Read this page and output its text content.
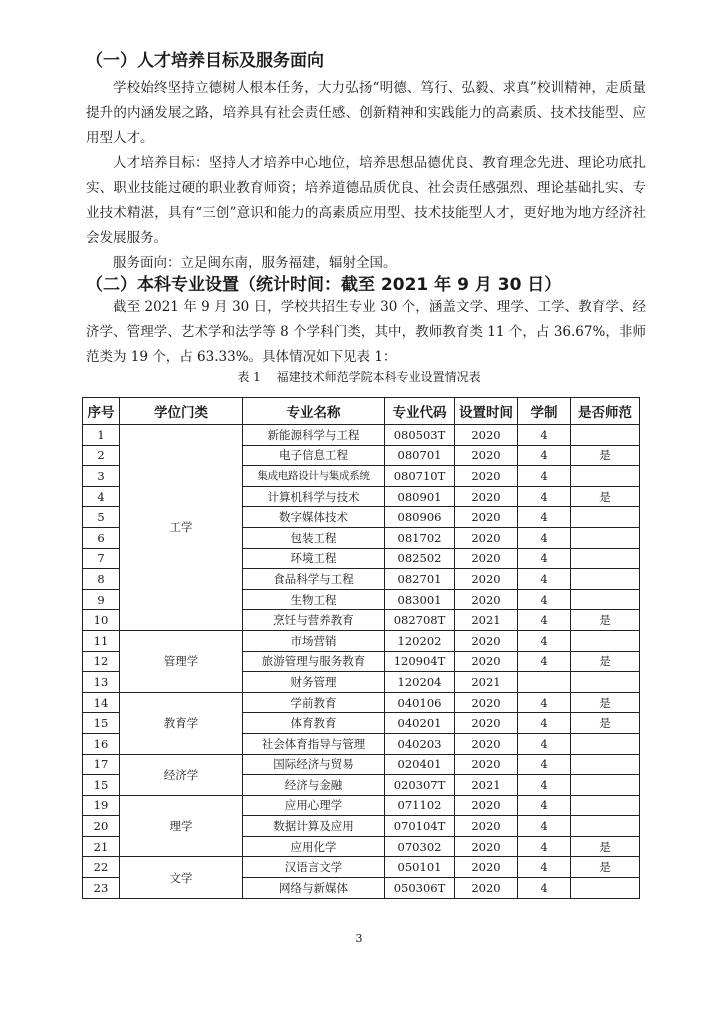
（一）人才培养目标及服务面向

学校始终坚持立德树人根本任务，大力弘扬“明德、笃行、弘毅、求真”校训精神，走质量提升的内涵发展之路，培养具有社会责任感、创新精神和实践能力的高素质、技术技能型、应用型人才。

人才培养目标：坚持人才培养中心地位，培养思想品德优良、教育理念先进、理论功底扎实、职业技能过硬的职业教育师资；培养道德品质优良、社会责任感强烈、理论基础扎实、专业技术精湛，具有“三创”意识和能力的高素质应用型、技术技能型人才，更好地为地方经济社会发展服务。

服务面向：立足闽东南，服务福建，辐射全国。

（二）本科专业设置（统计时间：截至 2021 年 9 月 30 日）

截至 2021 年 9 月 30 日，学校共招生专业 30 个，涵盖文学、理学、工学、教育学、经济学、管理学、艺术学和法学等 8 个学科门类，其中，教师教育类 11 个，占 36.67%，非师范类为 19 个，占 63.33%。具体情况如下见表 1：

表 1　 福建技术师范学院本科专业设置情况表
序号	学位门类	专业名称	专业代码	设置时间	学制	是否师范
1	工学	新能源科学与工程	080503T	2020	4	
2		电子信息工程	080701	2020	4	是
3		集成电路设计与集成系统	080710T	2020	4	
4		计算机科学与技术	080901	2020	4	是
5		数字媒体技术	080906	2020	4	
6		包装工程	081702	2020	4	
7		环境工程	082502	2020	4	
8		食品科学与工程	082701	2020	4	
9		生物工程	083001	2020	4	
10		烹饪与营养教育	082708T	2021	4	是
11	管理学	市场营销	120202	2020	4	
12		旅游管理与服务教育	120904T	2020	4	是
13		财务管理	120204	2021		
14	教育学	学前教育	040106	2020	4	是
15		体育教育	040201	2020	4	是
16		社会体育指导与管理	040203	2020	4	
17	经济学	国际经济与贸易	020401	2020	4	
15		经济与金融	020307T	2021	4	
19	理学	应用心理学	071102	2020	4	
20		数据计算及应用	070104T	2020	4	
21		应用化学	070302	2020	4	是
22	文学	汉语言文学	050101	2020	4	是
23		网络与新媒体	050306T	2020	4	
3
